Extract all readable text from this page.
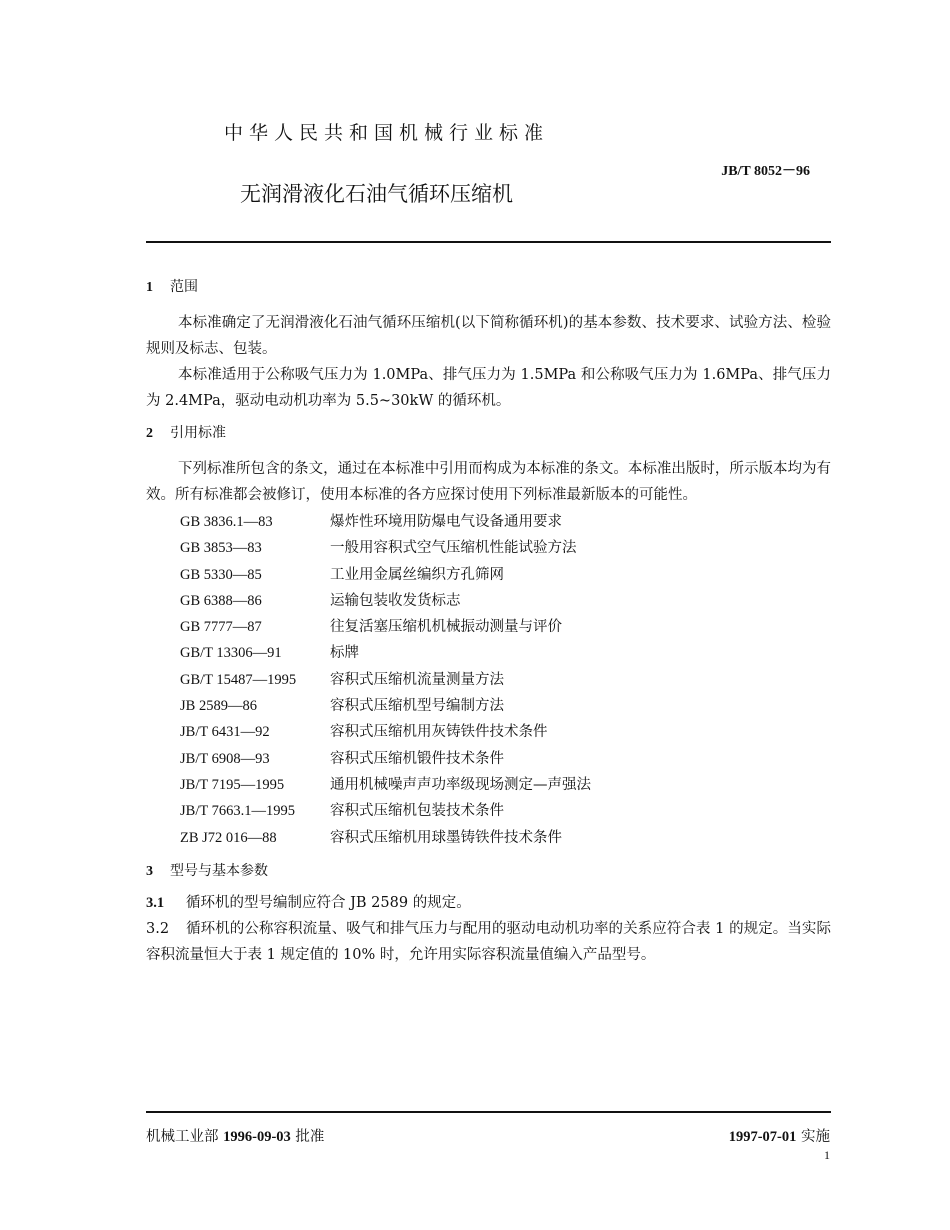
中华人民共和国机械行业标准
JB/T 8052－96
无润滑液化石油气循环压缩机
1 范围
本标准确定了无润滑液化石油气循环压缩机(以下简称循环机)的基本参数、技术要求、试验方法、检验规则及标志、包装。
本标准适用于公称吸气压力为 1.0MPa、排气压力为 1.5MPa 和公称吸气压力为 1.6MPa、排气压力为 2.4MPa，驱动电动机功率为 5.5~30kW 的循环机。
2 引用标准
下列标准所包含的条文，通过在本标准中引用而构成为本标准的条文。本标准出版时，所示版本均为有效。所有标准都会被修订，使用本标准的各方应探讨使用下列标准最新版本的可能性。
GB 3836.1—83	爆炸性环境用防爆电气设备通用要求
GB 3853—83	一般用容积式空气压缩机性能试验方法
GB 5330—85	工业用金属丝编织方孔筛网
GB 6388—86	运输包装收发货标志
GB 7777—87	往复活塞压缩机机械振动测量与评价
GB/T 13306—91	标牌
GB/T 15487—1995	容积式压缩机流量测量方法
JB 2589—86	容积式压缩机型号编制方法
JB/T 6431—92	容积式压缩机用灰铸铁件技术条件
JB/T 6908—93	容积式压缩机锻件技术条件
JB/T 7195—1995	通用机械噪声声功率级现场测定—声强法
JB/T 7663.1—1995	容积式压缩机包装技术条件
ZB J72 016—88	容积式压缩机用球墨铸铁件技术条件
3 型号与基本参数
3.1 循环机的型号编制应符合 JB 2589 的规定。
3.2 循环机的公称容积流量、吸气和排气压力与配用的驱动电动机功率的关系应符合表 1 的规定。当实际容积流量恒大于表 1 规定值的 10% 时，允许用实际容积流量值编入产品型号。
机械工业部 1996-09-03 批准	1997-07-01 实施
1
